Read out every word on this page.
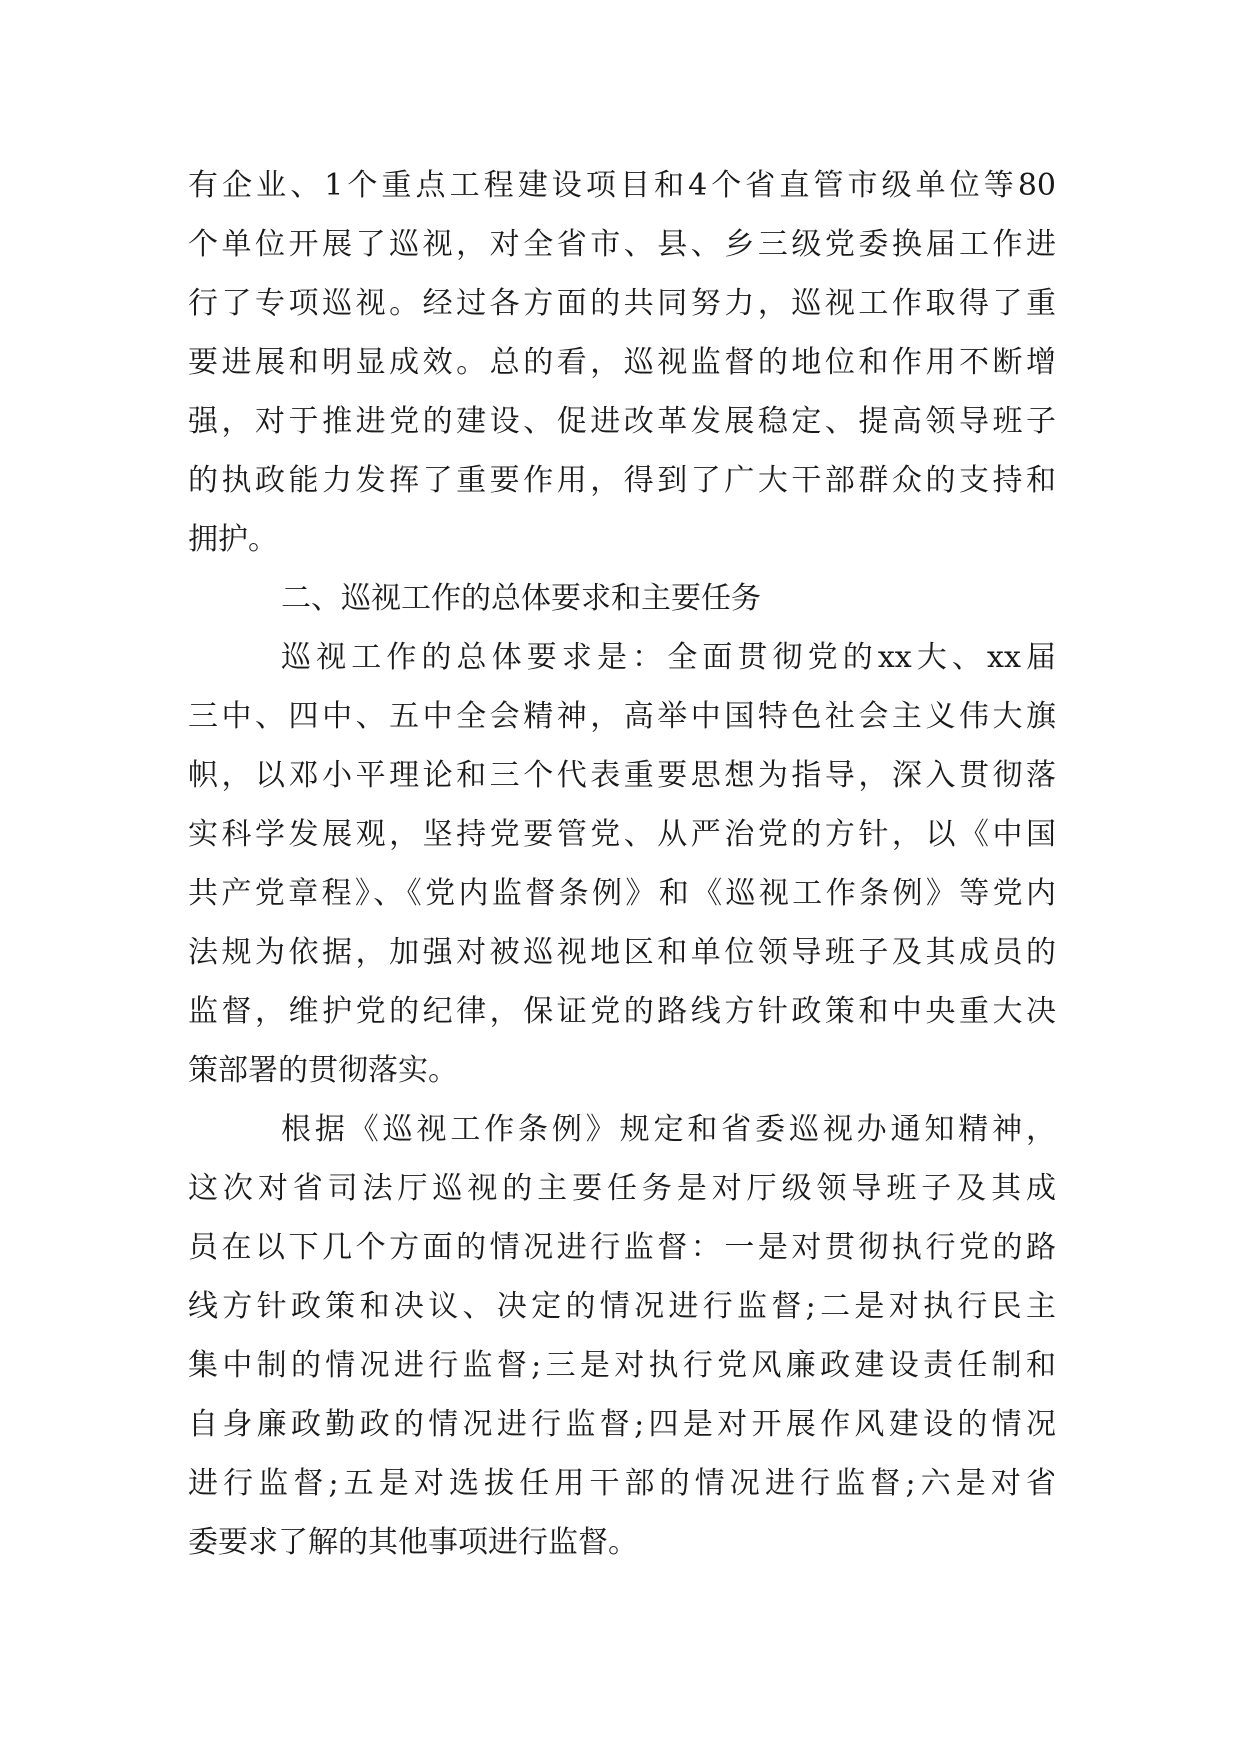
有企业、1个重点工程建设项目和4个省直管市级单位等80
个单位开展了巡视，对全省市、县、乡三级党委换届工作进
行了专项巡视。经过各方面的共同努力，巡视工作取得了重
要进展和明显成效。总的看，巡视监督的地位和作用不断增
强，对于推进党的建设、促进改革发展稳定、提高领导班子
的执政能力发挥了重要作用，得到了广大干部群众的支持和
拥护。
二、巡视工作的总体要求和主要任务
巡视工作的总体要求是：全面贯彻党的xx大、xx届
三中、四中、五中全会精神，高举中国特色社会主义伟大旗
帜，以邓小平理论和三个代表重要思想为指导，深入贯彻落
实科学发展观，坚持党要管党、从严治党的方针，以《中国
共产党章程》、《党内监督条例》和《巡视工作条例》等党内
法规为依据，加强对被巡视地区和单位领导班子及其成员的
监督，维护党的纪律，保证党的路线方针政策和中央重大决
策部署的贯彻落实。
根据《巡视工作条例》规定和省委巡视办通知精神，
这次对省司法厅巡视的主要任务是对厅级领导班子及其成
员在以下几个方面的情况进行监督：一是对贯彻执行党的路
线方针政策和决议、决定的情况进行监督;二是对执行民主
集中制的情况进行监督;三是对执行党风廉政建设责任制和
自身廉政勤政的情况进行监督;四是对开展作风建设的情况
进行监督;五是对选拔任用干部的情况进行监督;六是对省
委要求了解的其他事项进行监督。
